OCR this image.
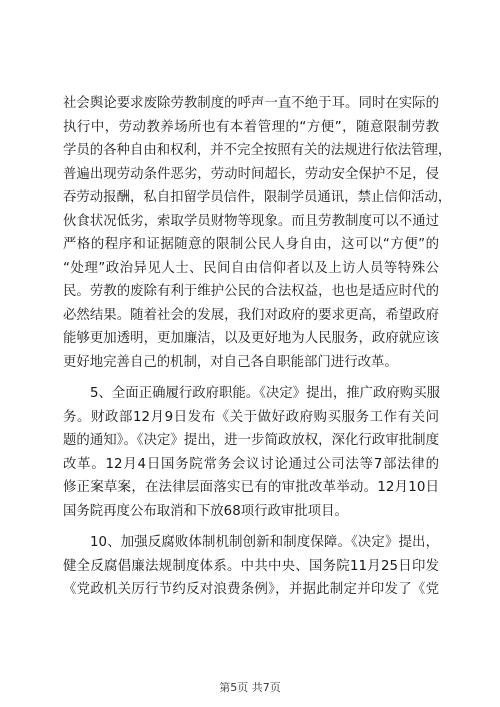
社会舆论要求废除劳教制度的呼声一直不绝于耳。同时在实际的
执行中，劳动教养场所也有本着管理的“方便”，随意限制劳教
学员的各种自由和权利，并不完全按照有关的法规进行依法管理，
普遍出现劳动条件恶劣，劳动时间超长，劳动安全保护不足，侵
吞劳动报酬，私自扣留学员信件，限制学员通讯，禁止信仰活动，
伙食状况低劣，索取学员财物等现象。而且劳教制度可以不通过
严格的程序和证据随意的限制公民人身自由，这可以“方便”的
“处理”政治异见人士、民间自由信仰者以及上访人员等特殊公
民。劳教的废除有利于维护公民的合法权益，也也是适应时代的
必然结果。随着社会的发展，我们对政府的要求更高，希望政府
能够更加透明，更加廉洁，以及更好地为人民服务，政府就应该
更好地完善自己的机制，对自己各自职能部门进行改革。
5、全面正确履行政府职能。《决定》提出，推广政府购买服
务。财政部12月9日发布《关于做好政府购买服务工作有关问
题的通知》。《决定》提出，进一步简政放权，深化行政审批制度
改革。12月4日国务院常务会议讨论通过公司法等7部法律的
修正案草案，在法律层面落实已有的审批改革举动。12月10日
国务院再度公布取消和下放68项行政审批项目。
10、加强反腐败体制机制创新和制度保障。《决定》提出，
健全反腐倡廉法规制度体系。中共中央、国务院11月25日印发
《党政机关厉行节约反对浪费条例》，并据此制定并印发了《党
第5页 共7页
